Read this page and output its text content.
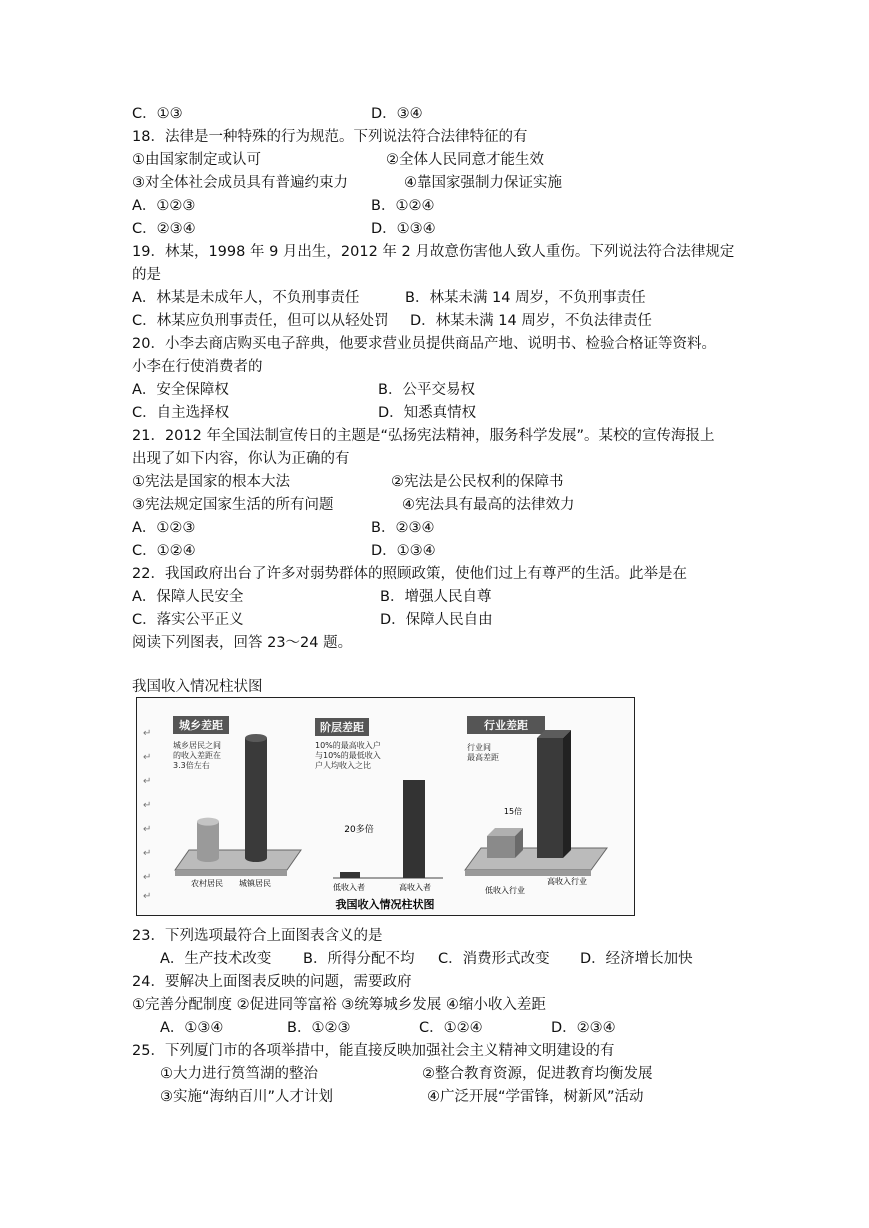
C．①③	D．③④
18．法律是一种特殊的行为规范。下列说法符合法律特征的有
①由国家制定或认可	②全体人民同意才能生效
③对全体社会成员具有普遍约束力	④靠国家强制力保证实施
A．①②③	B．①②④
C．②③④	D．①③④
19．林某，1998 年 9 月出生，2012 年 2 月故意伤害他人致人重伤。下列说法符合法律规定
的是
A．林某是未成年人，不负刑事责任	B．林某未满 14 周岁，不负刑事责任
C．林某应负刑事责任，但可以从轻处罚 D．林某未满 14 周岁，不负法律责任
20．小李去商店购买电子辞典，他要求营业员提供商品产地、说明书、检验合格证等资料。
小李在行使消费者的
A．安全保障权	B．公平交易权
C．自主选择权	D．知悉真情权
21．2012 年全国法制宣传日的主题是“弘扬宪法精神，服务科学发展”。某校的宣传海报上
出现了如下内容，你认为正确的有
①宪法是国家的根本大法	②宪法是公民权利的保障书
③宪法规定国家生活的所有问题	④宪法具有最高的法律效力
A．①②③	B．②③④
C．①②④	D．①③④
22．我国政府出台了许多对弱势群体的照顾政策，使他们过上有尊严的生活。此举是在
A．保障人民安全	B．增强人民自尊
C．落实公平正义	D．保障人民自由
阅读下列图表，回答 23～24 题。
我国收入情况柱状图
↵
↵
↵
↵
↵
↵
↵
↵
城乡差距
城乡居民之间
的收入差距在
3.3倍左右
农村居民 城镇居民
阶层差距
10%的最高收入户
与10%的最低收入
户人均收入之比
20多倍
低收入者	高收入者
行业差距
行业间
最高差距
15倍
低收入行业
高收入行业
我国收入情况柱状图
23．下列选项最符合上面图表含义的是
A．生产技术改变 B．所得分配不均 C．消费形式改变 D．经济增长加快
24．要解决上面图表反映的问题，需要政府
①完善分配制度 ②促进同等富裕 ③统筹城乡发展 ④缩小收入差距
A．①③④	B．①②③	C．①②④	D．②③④
25．下列厦门市的各项举措中，能直接反映加强社会主义精神文明建设的有
①大力进行筼筜湖的整治	②整合教育资源，促进教育均衡发展
③实施“海纳百川”人才计划	④广泛开展“学雷锋，树新风”活动
